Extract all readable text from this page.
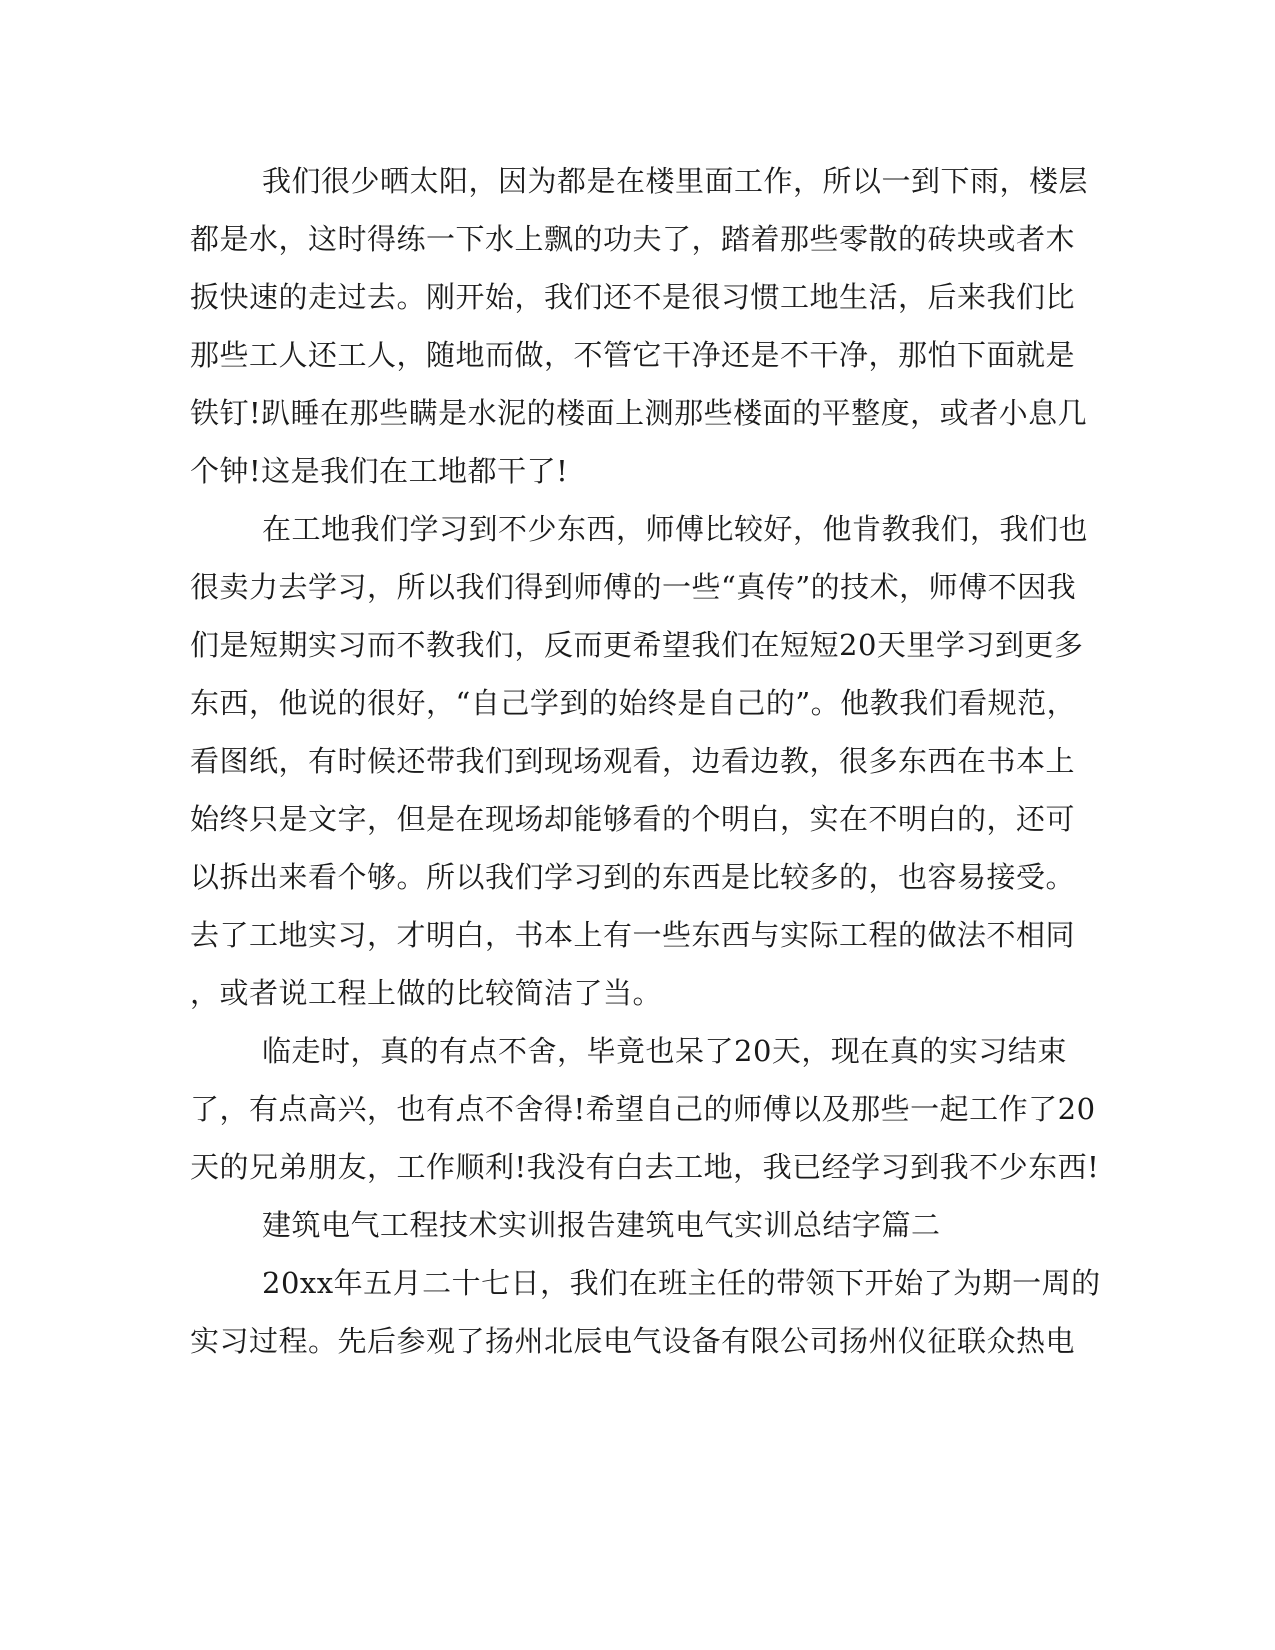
我们很少晒太阳，因为都是在楼里面工作，所以一到下雨，楼层
都是水，这时得练一下水上飘的功夫了，踏着那些零散的砖块或者木
扳快速的走过去。刚开始，我们还不是很习惯工地生活，后来我们比
那些工人还工人，随地而做，不管它干净还是不干净，那怕下面就是
铁钉!趴睡在那些瞒是水泥的楼面上测那些楼面的平整度，或者小息几
个钟!这是我们在工地都干了!
在工地我们学习到不少东西，师傅比较好，他肯教我们，我们也
很卖力去学习，所以我们得到师傅的一些“真传”的技术，师傅不因我
们是短期实习而不教我们，反而更希望我们在短短20天里学习到更多
东西，他说的很好，“自己学到的始终是自己的”。他教我们看规范，
看图纸，有时候还带我们到现场观看，边看边教，很多东西在书本上
始终只是文字，但是在现场却能够看的个明白，实在不明白的，还可
以拆出来看个够。所以我们学习到的东西是比较多的，也容易接受。
去了工地实习，才明白，书本上有一些东西与实际工程的做法不相同
，或者说工程上做的比较简洁了当。
临走时，真的有点不舍，毕竟也呆了20天，现在真的实习结束
了，有点高兴，也有点不舍得!希望自己的师傅以及那些一起工作了20
天的兄弟朋友，工作顺利!我没有白去工地，我已经学习到我不少东西!
建筑电气工程技术实训报告建筑电气实训总结字篇二
20xx年五月二十七日，我们在班主任的带领下开始了为期一周的
实习过程。先后参观了扬州北辰电气设备有限公司扬州仪征联众热电
